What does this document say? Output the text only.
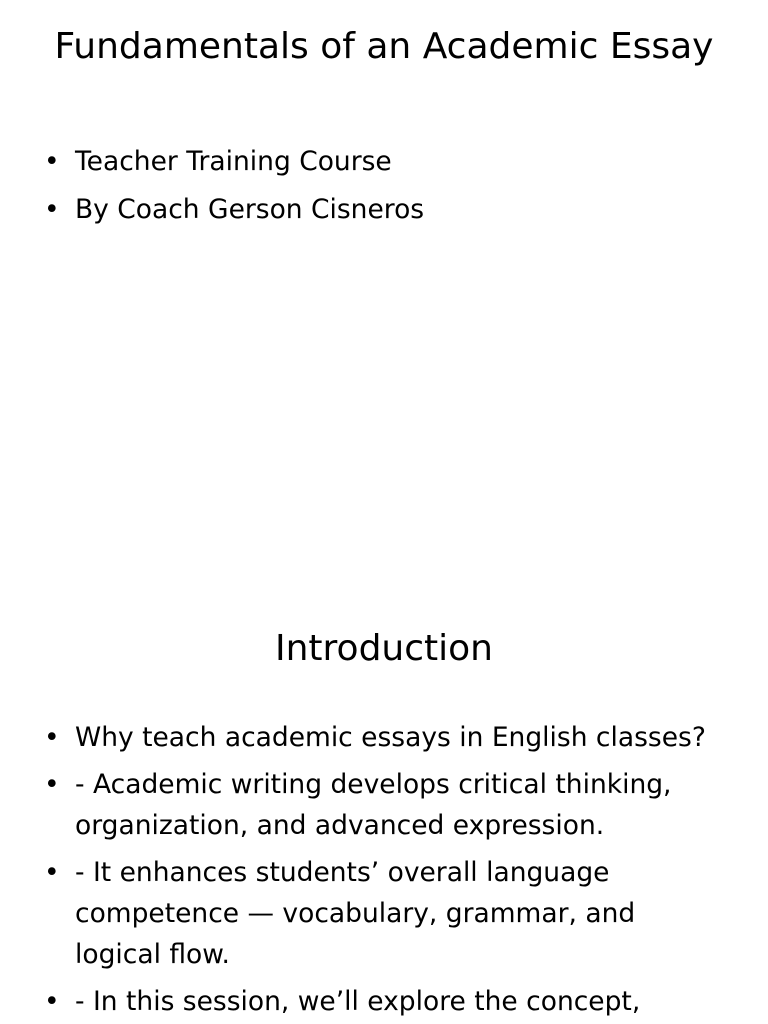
Fundamentals of an Academic Essay
• Teacher Training Course
• By Coach Gerson Cisneros
Introduction
• Why teach academic essays in English classes?
• - Academic writing develops critical thinking, organization, and advanced expression.
• - It enhances students’ overall language competence — vocabulary, grammar, and logical flow.
• - In this session, we’ll explore the concept,
